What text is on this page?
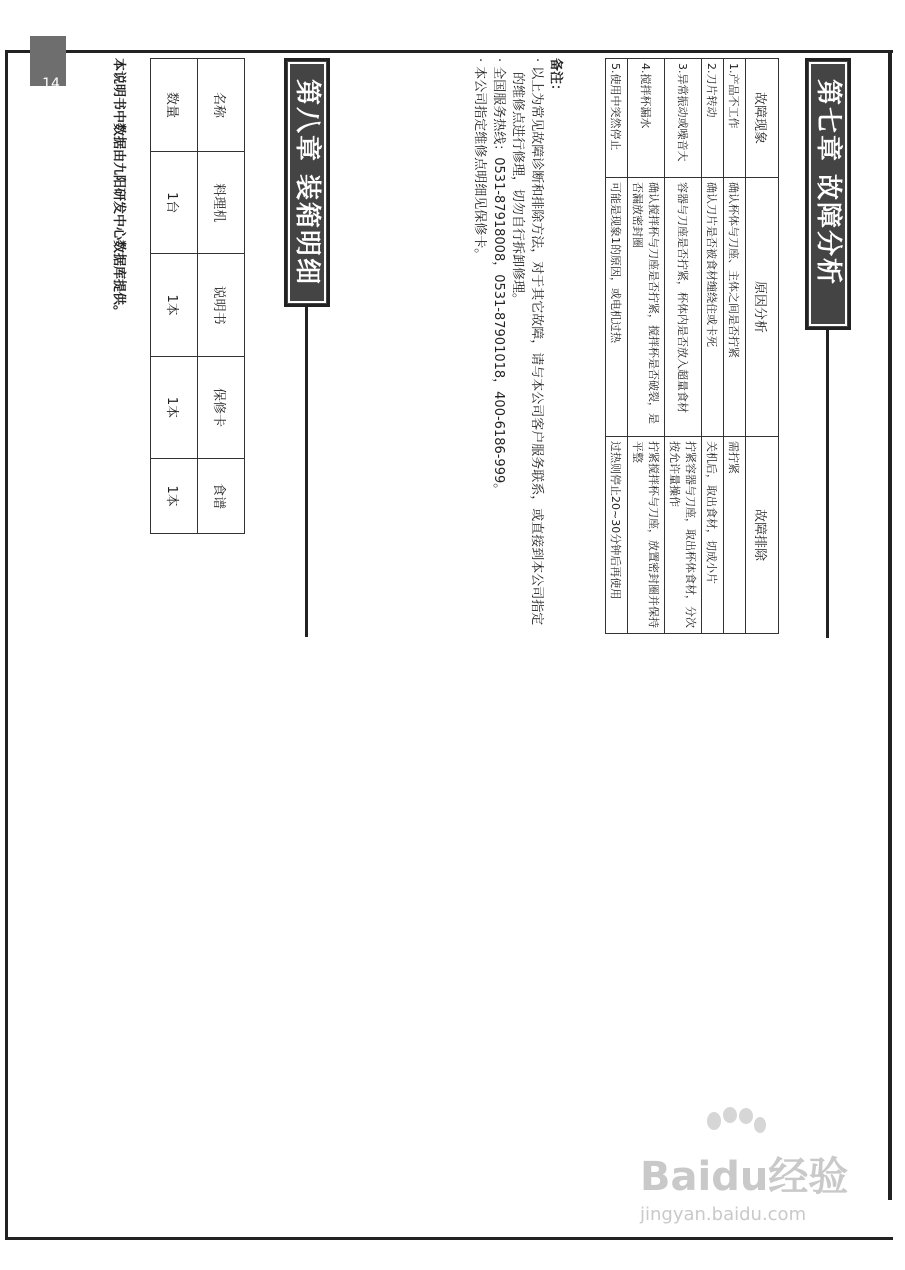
14	第七章 故障分析及排除
故障现象	原因分析	故障排除
1.产品不工作	确认杯体与刀座、主体之间是否拧紧	需拧紧
2.刀片转动	确认刀片是否被食材缠绕住或卡死	关机后，取出食材，切成小片
3.异常振动或噪音大	容器与刀座是否拧紧，杯体内是否放入超量食材	拧紧容器与刀座，取出杯体食材，分次按允许量操作
4.搅拌杯漏水	确认搅拌杯与刀座是否拧紧，搅拌杯是否破裂，是否漏放密封圈	拧紧搅拌杯与刀座，放置密封圈并保持平整
5.使用中突然停止	可能是现象1的原因，或电机过热	过热则停止20~30分钟后再使用
备注：
· 以上为常见故障诊断和排除方法，对于其它故障，请与本公司客户服务联系，或直接到本公司指定的维修点进行修理，切勿自行拆卸修理。
· 全国服务热线：0531-87918008，0531-87901018，400-6186-999。
· 本公司指定维修点明细见保修卡。
第八章 装箱明细
名称	料理机	说明书	保修卡	食谱
数量	1台	1本	1本	1本
本说明书中数据由九阳研发中心数据库提供。
Baidu经验
jingyan.baidu.com
